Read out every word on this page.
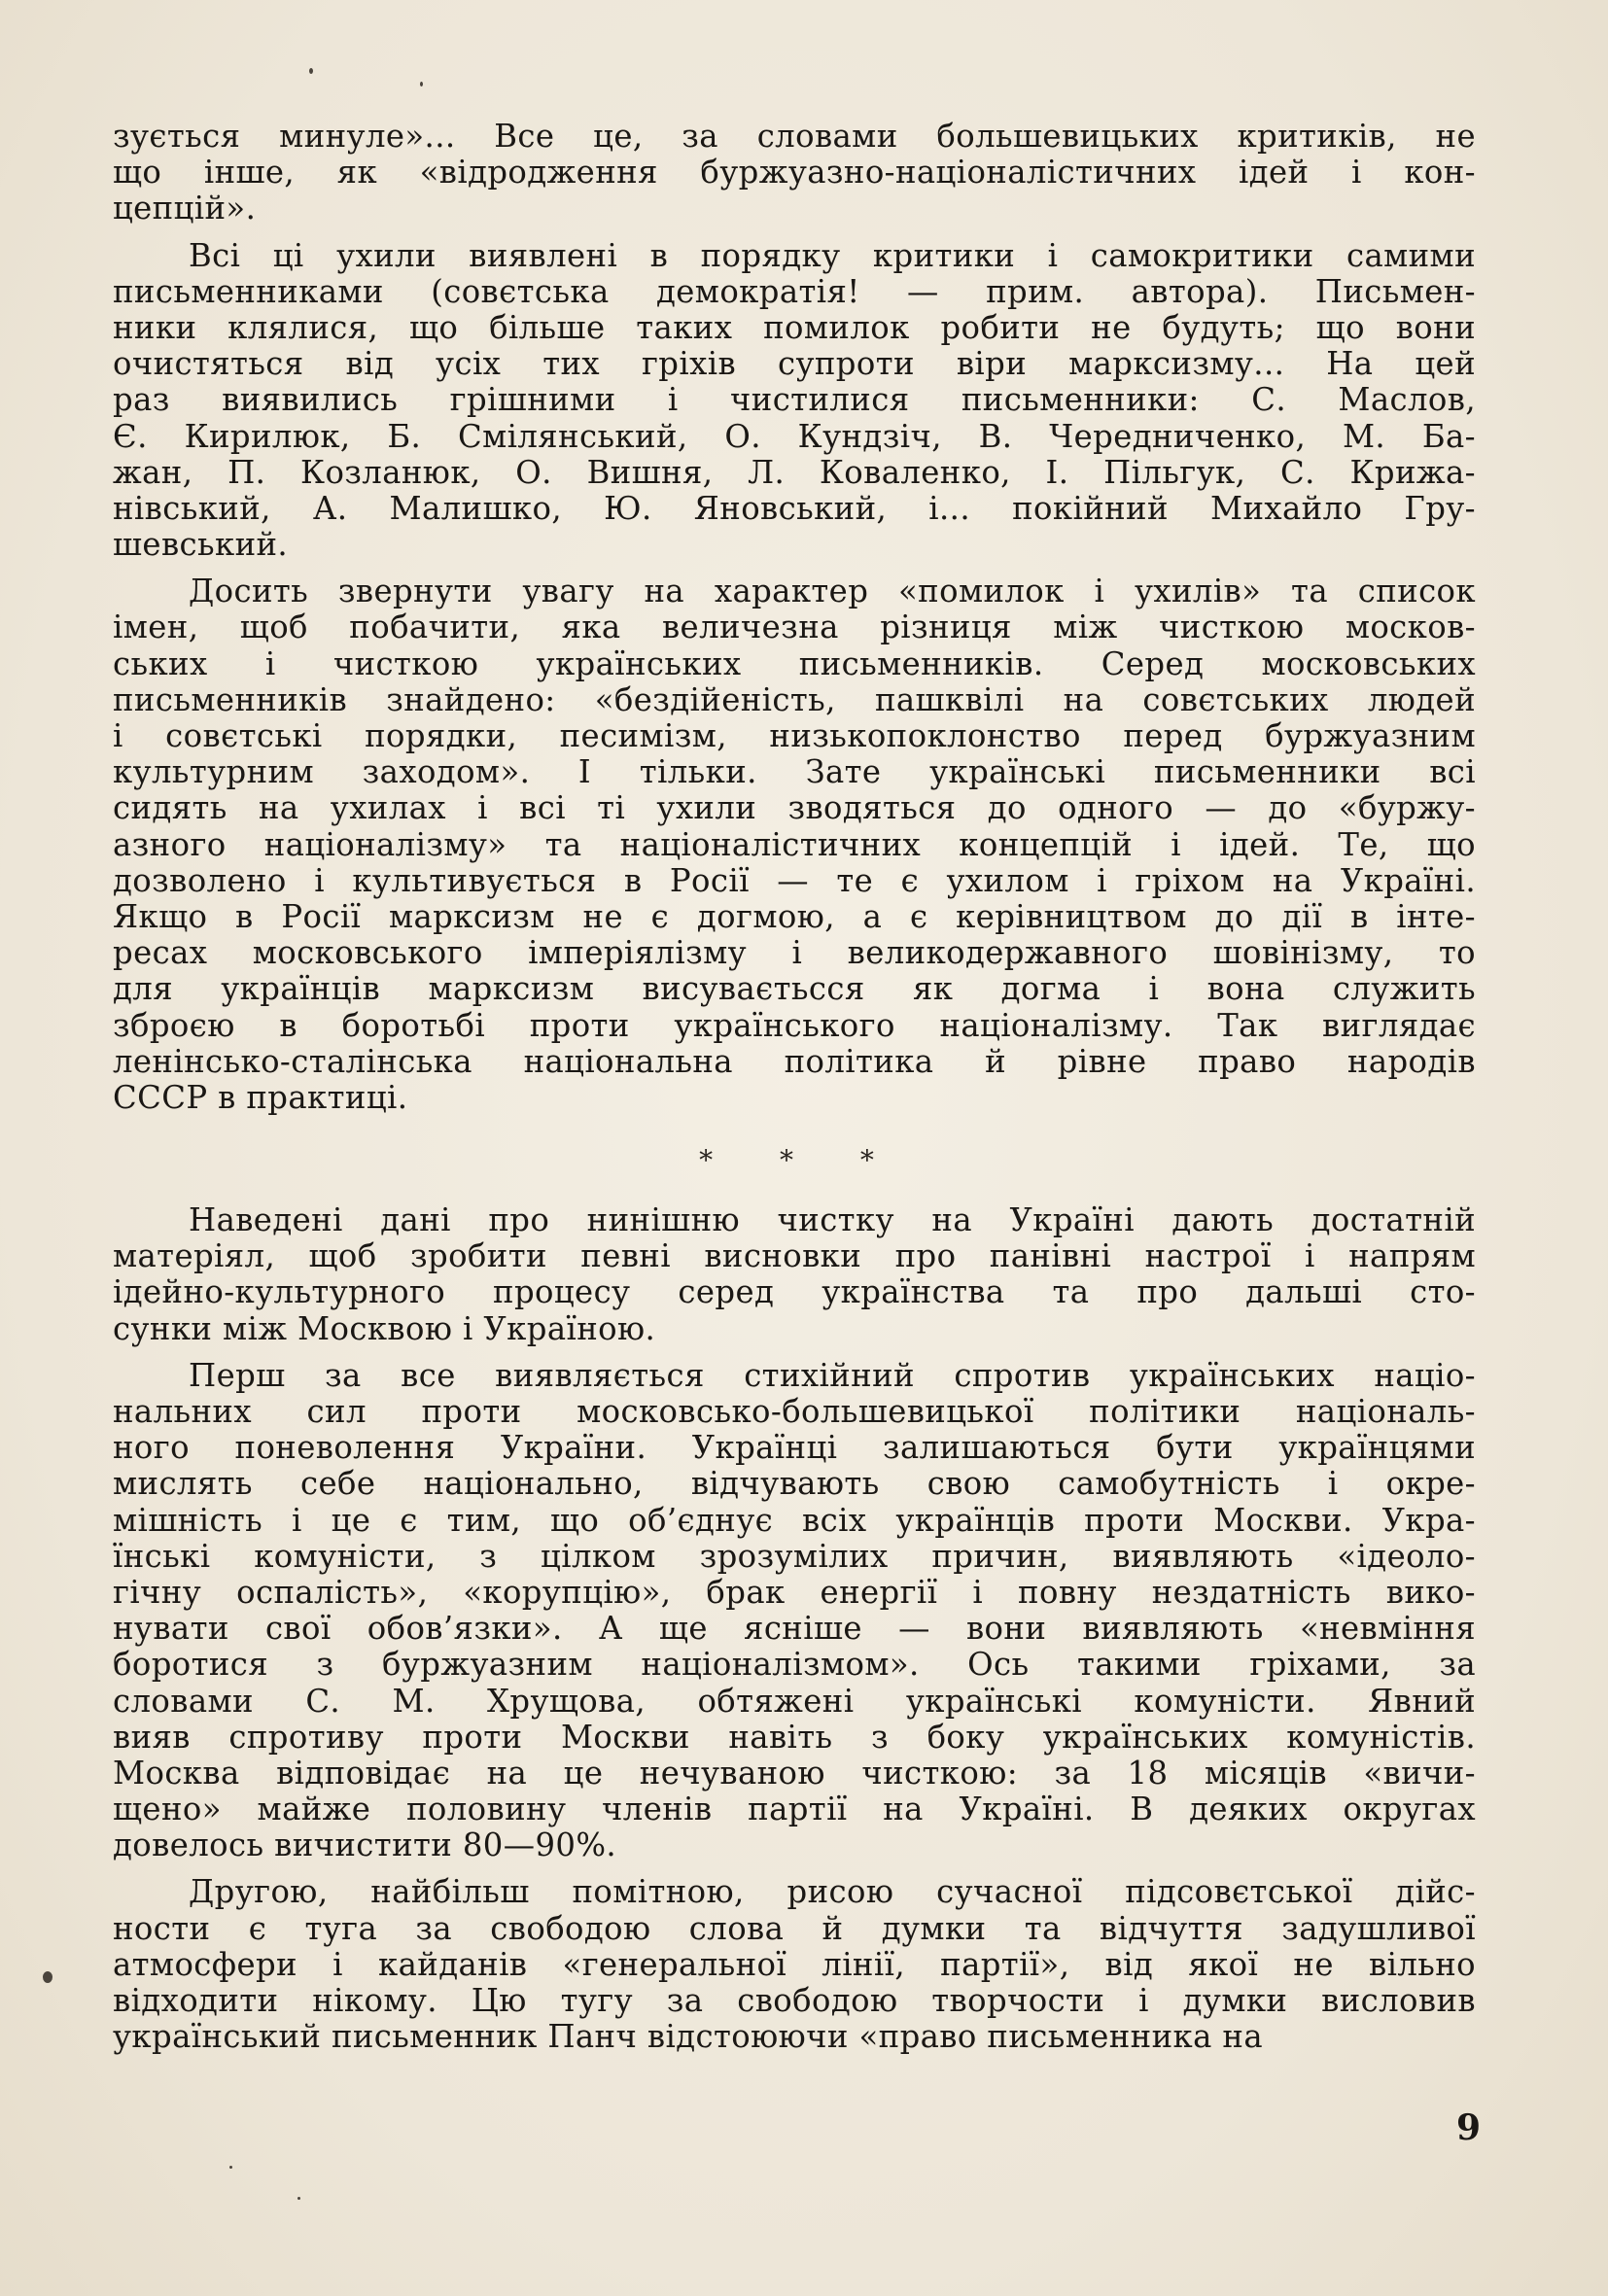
зується минуле»... Все це, за словами большевицьких критиків, не
що інше, як «відродження буржуазно-націоналістичних ідей і кон-
цепцій».
Всі ці ухили виявлені в порядку критики і самокритики самими
письменниками (совєтська демократія! — прим. автора). Письмен-
ники клялися, що більше таких помилок робити не будуть; що вони
очистяться від усіх тих гріхів супроти віри марксизму... На цей
раз виявились грішними і чистилися письменники: С. Маслов,
Є. Кирилюк, Б. Смілянський, О. Кундзіч, В. Чередниченко, М. Ба-
жан, П. Козланюк, О. Вишня, Л. Коваленко, І. Пільгук, С. Крижа-
нівський, А. Малишко, Ю. Яновський, і... покійний Михайло Гру-
шевський.
Досить звернути увагу на характер «помилок і ухилів» та список
імен, щоб побачити, яка величезна різниця між чисткою москов-
ських і чисткою українських письменників. Серед московських
письменників знайдено: «бездійеність, пашквілі на совєтських людей
і совєтські порядки, песимізм, низькопоклонство перед буржуазним
культурним заходом». І тільки. Зате українські письменники всі
сидять на ухилах і всі ті ухили зводяться до одного — до «буржу-
азного націоналізму» та націоналістичних концепцій і ідей. Те, що
дозволено і культивується в Росії — те є ухилом і гріхом на Україні.
Якщо в Росії марксизм не є догмою, а є керівництвом до дії в інте-
ресах московського імперіялізму і великодержавного шовінізму, то
для українців марксизм висуваєтьсся як догма і вона служить
зброєю в боротьбі проти українського націоналізму. Так виглядає
ленінсько-сталінська національна політика й рівне право народів
СССР в практиці.
* * *
Наведені дані про нинішню чистку на Україні дають достатній
матеріял, щоб зробити певні висновки про панівні настрої і напрям
ідейно-культурного процесу серед українства та про дальші сто-
сунки між Москвою і Україною.
Перш за все виявляється стихійний спротив українських націо-
нальних сил проти московсько-большевицької політики національ-
ного поневолення України. Українці залишаються бути українцями
мислять себе національно, відчувають свою самобутність і окре-
мішність і це є тим, що об’єднує всіх українців проти Москви. Укра-
їнські комуністи, з цілком зрозумілих причин, виявляють «ідеоло-
гічну оспалість», «корупцію», брак енергії і повну нездатність вико-
нувати свої обов’язки». А ще ясніше — вони виявляють «невміння
боротися з буржуазним націоналізмом». Ось такими гріхами, за
словами С. М. Хрущова, обтяжені українські комуністи. Явний
вияв спротиву проти Москви навіть з боку українських комуністів.
Москва відповідає на це нечуваною чисткою: за 18 місяців «вичи-
щено» майже половину членів партії на Україні. В деяких округах
довелось вичистити 80—90%.
Другою, найбільш помітною, рисою сучасної підсовєтської дійс-
ности є туга за свободою слова й думки та відчуття задушливої
атмосфери і кайданів «генеральної лінії, партії», від якої не вільно
відходити нікому. Цю тугу за свободою творчости і думки висловив
український письменник Панч відстоюючи «право письменника на
9
